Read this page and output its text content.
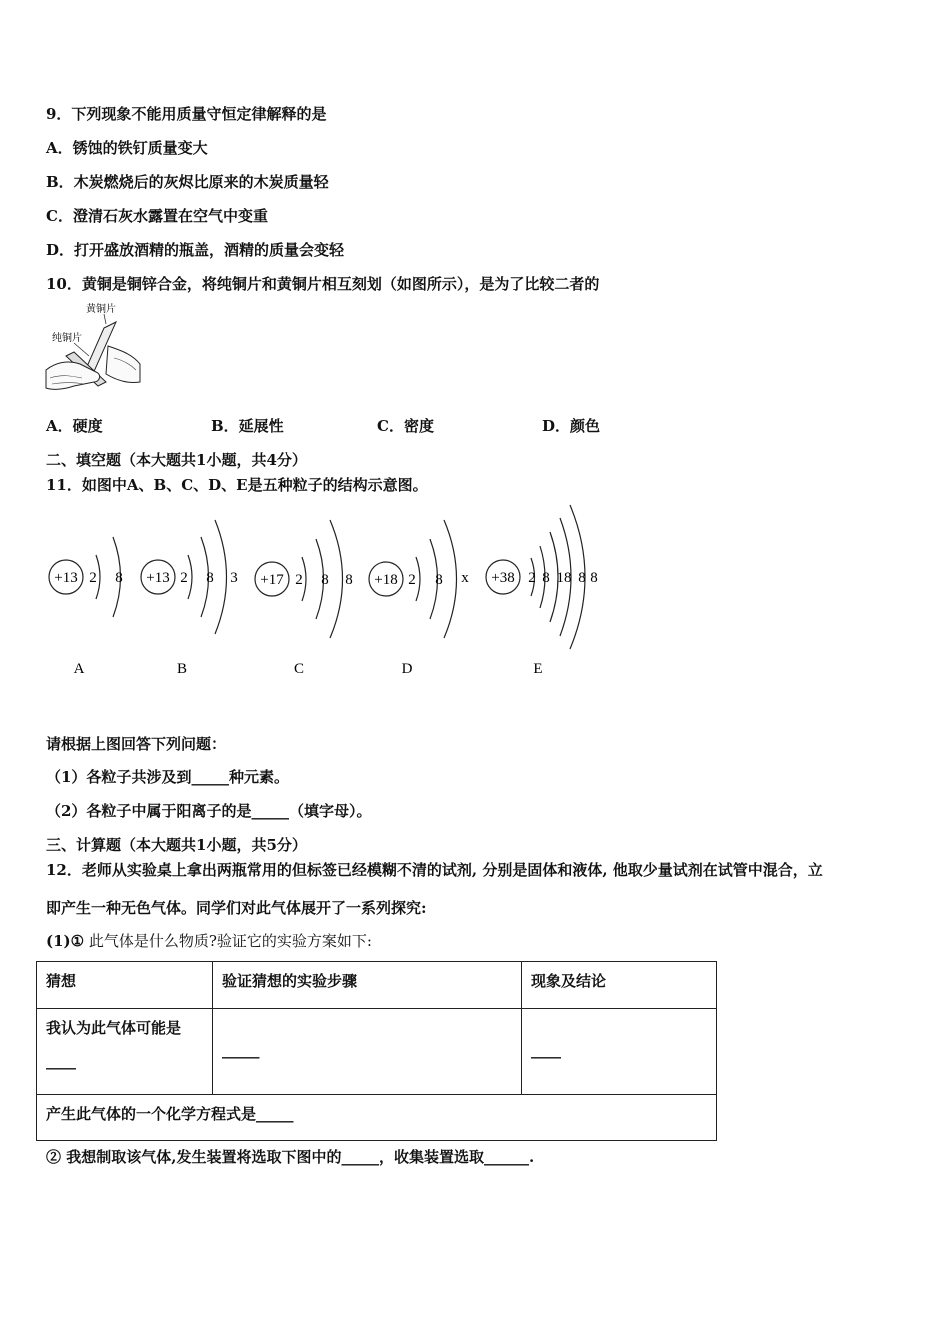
9．下列现象不能用质量守恒定律解释的是
A．锈蚀的铁钉质量变大
B．木炭燃烧后的灰烬比原来的木炭质量轻
C．澄清石灰水露置在空气中变重
D．打开盛放酒精的瓶盖，酒精的质量会变轻
10．黄铜是铜锌合金，将纯铜片和黄铜片相互刻划（如图所示），是为了比较二者的
黄铜片
纯铜片
A．硬度	B．延展性	C．密度	D．颜色
二、填空题（本大题共1小题，共4分）
11．如图中A、B、C、D、E是五种粒子的结构示意图。
+13 2 8
A
+13 2 8 3
B
+17 2 8 8
C
+18 2 8 x
D
+38 2 8 18 8 8
E
请根据上图回答下列问题：
（1）各粒子共涉及到_____种元素。
（2）各粒子中属于阳离子的是_____（填字母）。
三、计算题（本大题共1小题，共5分）
12．老师从实验桌上拿出两瓶常用的但标签已经模糊不清的试剂, 分别是固体和液体, 他取少量试剂在试管中混合，立
即产生一种无色气体。同学们对此气体展开了一系列探究:
(1)① 此气体是什么物质?验证它的实验方案如下:
猜想	验证猜想的实验步骤	现象及结论

我认为此气体可能是
____	_____	____

产生此气体的一个化学方程式是_____		
② 我想制取该气体,发生装置将选取下图中的_____，收集装置选取______.
